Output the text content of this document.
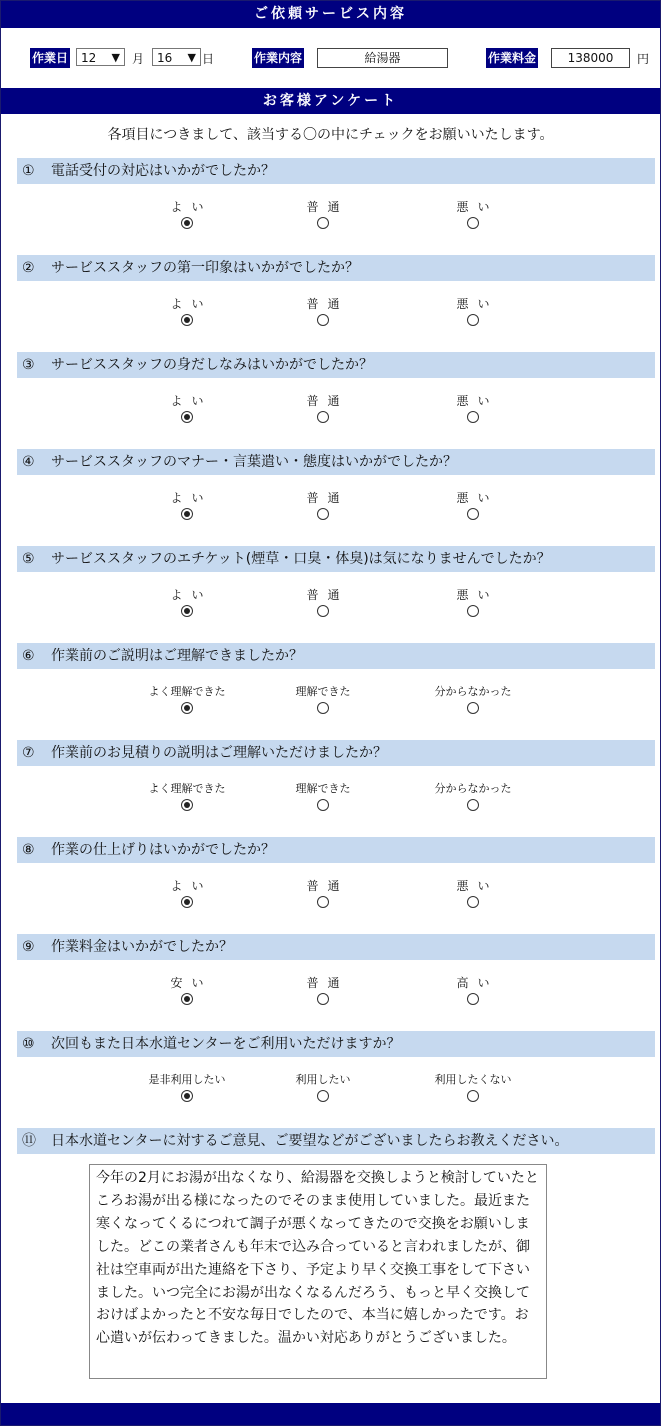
ご依頼サービス内容
作業日	12 ▼ 月	16 ▼ 日	作業内容	給湯器	作業料金	138000	円
お客様アンケート
各項目につきまして、該当する〇の中にチェックをお願いいたします。
① 電話受付の対応はいかがでしたか？
よい	普通	悪い
② サービススタッフの第一印象はいかがでしたか？
よい	普通	悪い
③ サービススタッフの身だしなみはいかがでしたか？
よい	普通	悪い
④ サービススタッフのマナー・言葉遣い・態度はいかがでしたか？
よい	普通	悪い
⑤ サービススタッフのエチケット(煙草・口臭・体臭)は気になりませんでしたか？
よい	普通	悪い
⑥ 作業前のご説明はご理解できましたか？
よく理解できた	理解できた	分からなかった
⑦ 作業前のお見積りの説明はご理解いただけましたか？
よく理解できた	理解できた	分からなかった
⑧ 作業の仕上げりはいかがでしたか？
よい	普通	悪い
⑨ 作業料金はいかがでしたか？
安い	普通	高い
⑩ 次回もまた日本水道センターをご利用いただけますか？
是非利用したい	利用したい	利用したくない
⑪ 日本水道センターに対するご意見、ご要望などがございましたらお教えください。
今年の2月にお湯が出なくなり、給湯器を交換しようと検討していたところお湯が出る様になったのでそのまま使用していました。最近また寒くなってくるにつれて調子が悪くなってきたので交換をお願いしました。どこの業者さんも年末で込み合っていると言われましたが、御社は空車両が出た連絡を下さり、予定より早く交換工事をして下さいました。いつ完全にお湯が出なくなるんだろう、もっと早く交換しておけばよかったと不安な毎日でしたので、本当に嬉しかったです。お心遣いが伝わってきました。温かい対応ありがとうございました。
